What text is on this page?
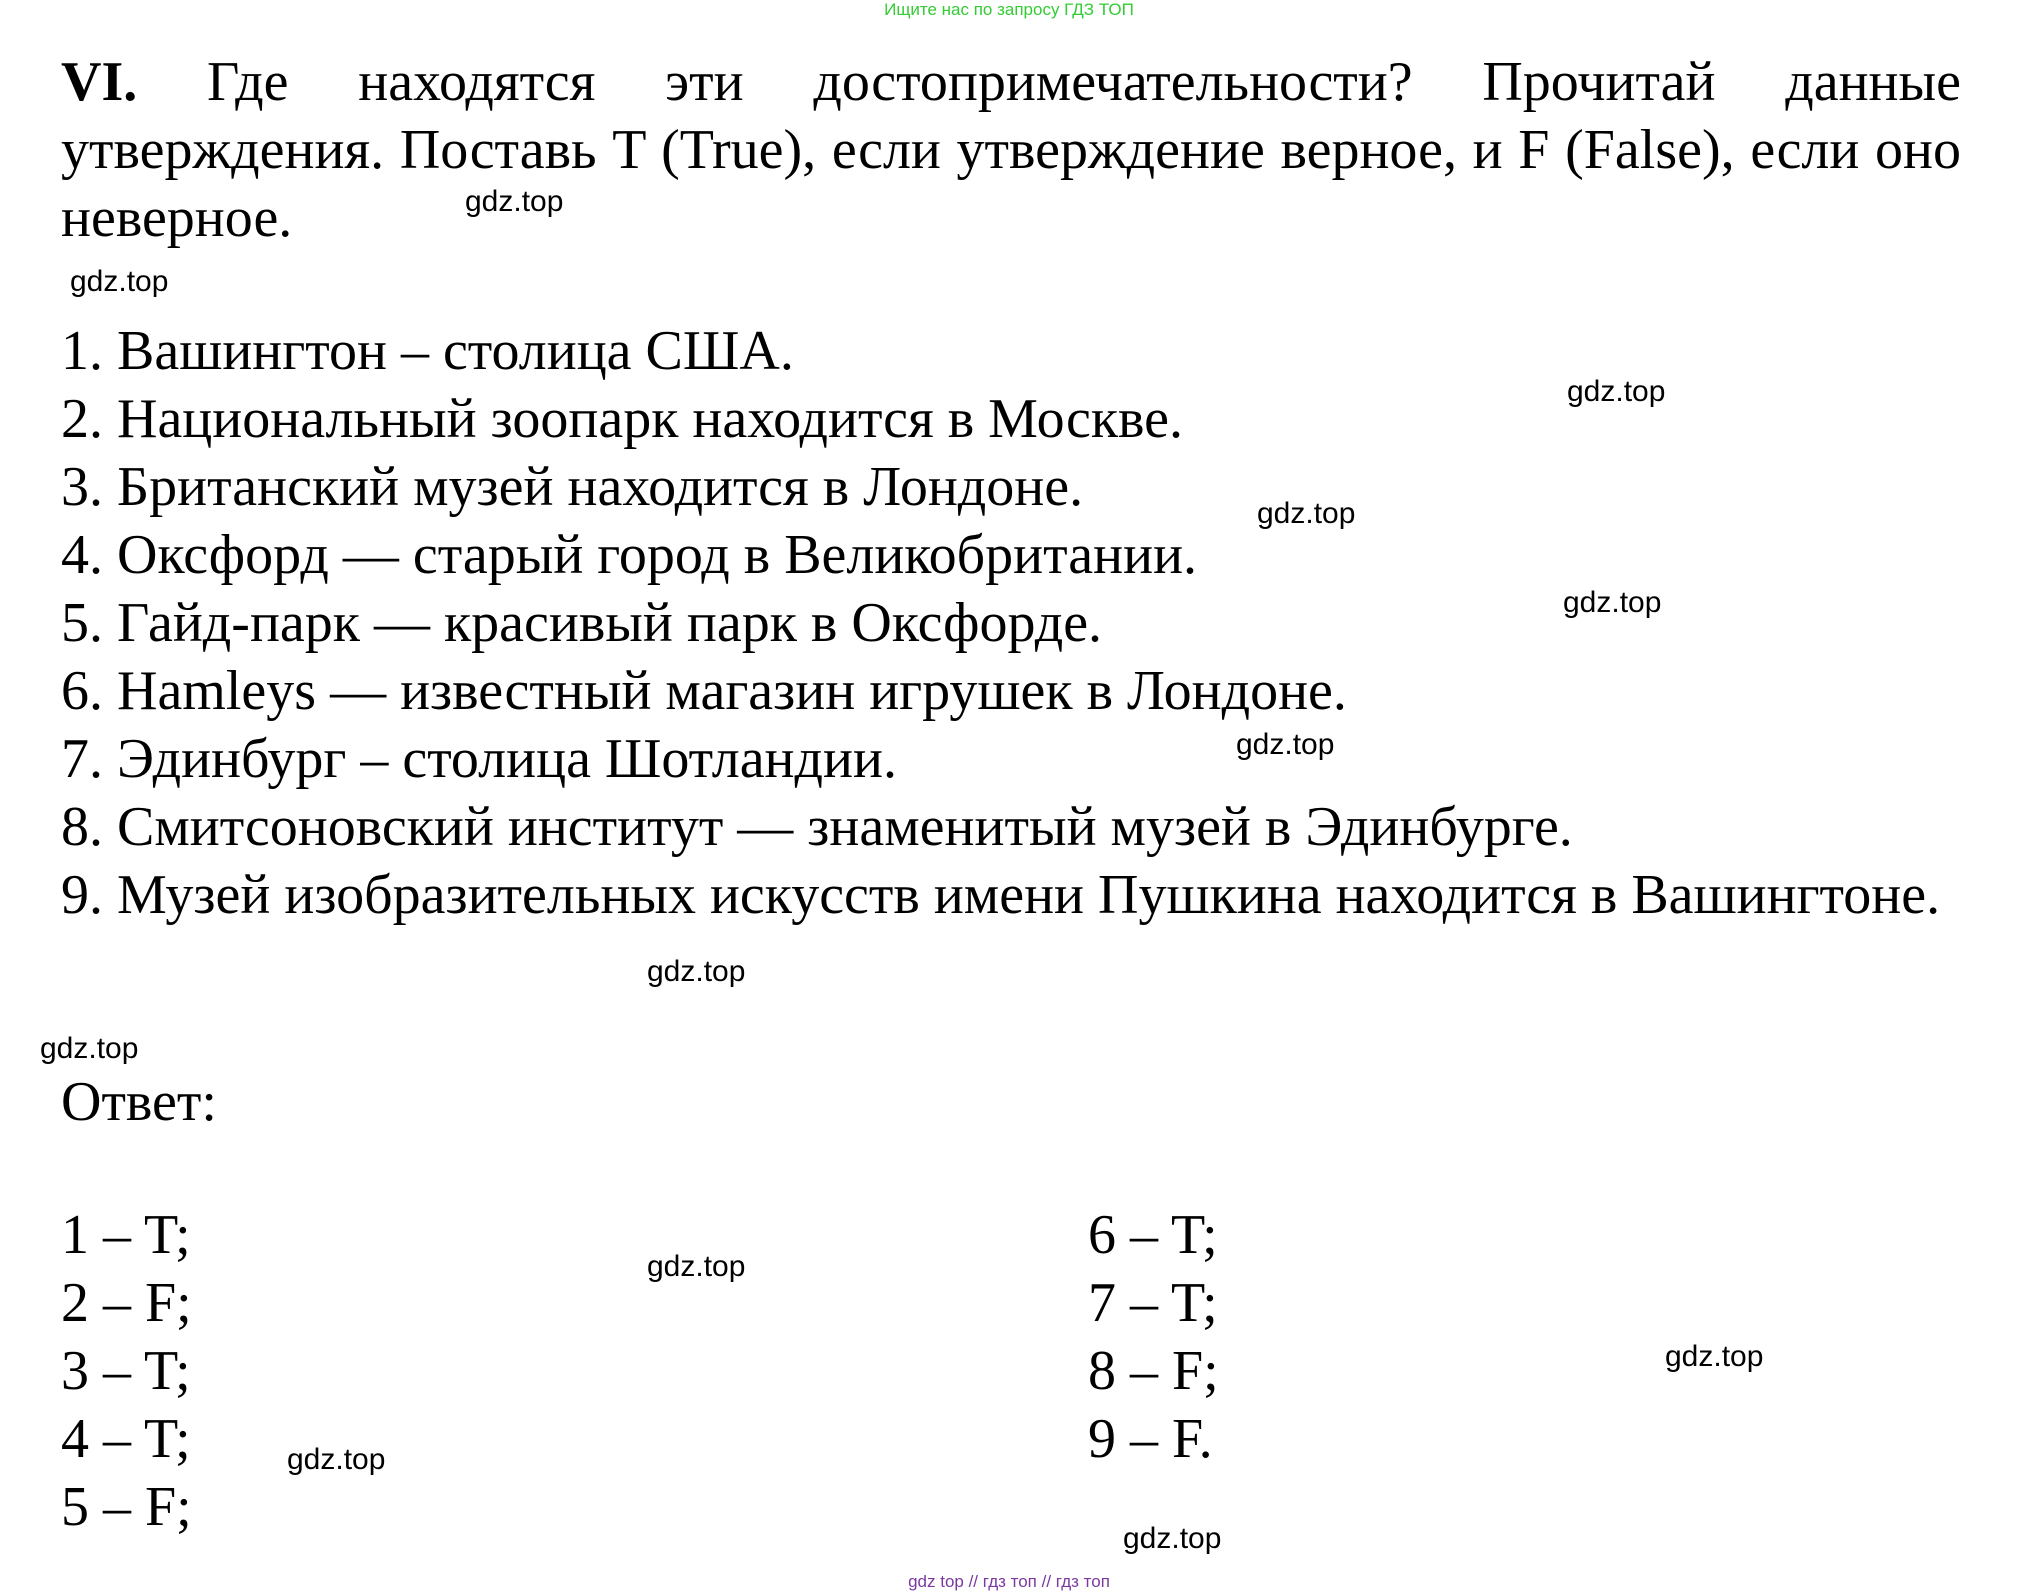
Ищите нас по запросу ГДЗ ТОП
VI. Где находятся эти достопримечательности? Прочитай данные утверждения. Поставь T (True), если утверждение верное, и F (False), если оно неверное.
1. Вашингтон – столица США.
2. Национальный зоопарк находится в Москве.
3. Британский музей находится в Лондоне.
4. Оксфорд — старый город в Великобритании.
5. Гайд-парк — красивый парк в Оксфорде.
6. Hamleys — известный магазин игрушек в Лондоне.
7. Эдинбург – столица Шотландии.
8. Смитсоновский институт — знаменитый музей в Эдинбурге.
9. Музей изобразительных искусств имени Пушкина находится в Вашингтоне.
Ответ:
1 – T;
2 – F;
3 – T;
4 – T;
5 – F;
6 – T;
7 – T;
8 – F;
9 – F.
gdz.top
gdz.top
gdz.top
gdz.top
gdz.top
gdz.top
gdz.top
gdz.top
gdz.top
gdz.top
gdz.top
gdz.top
gdz top // гдз топ // гдз топ
